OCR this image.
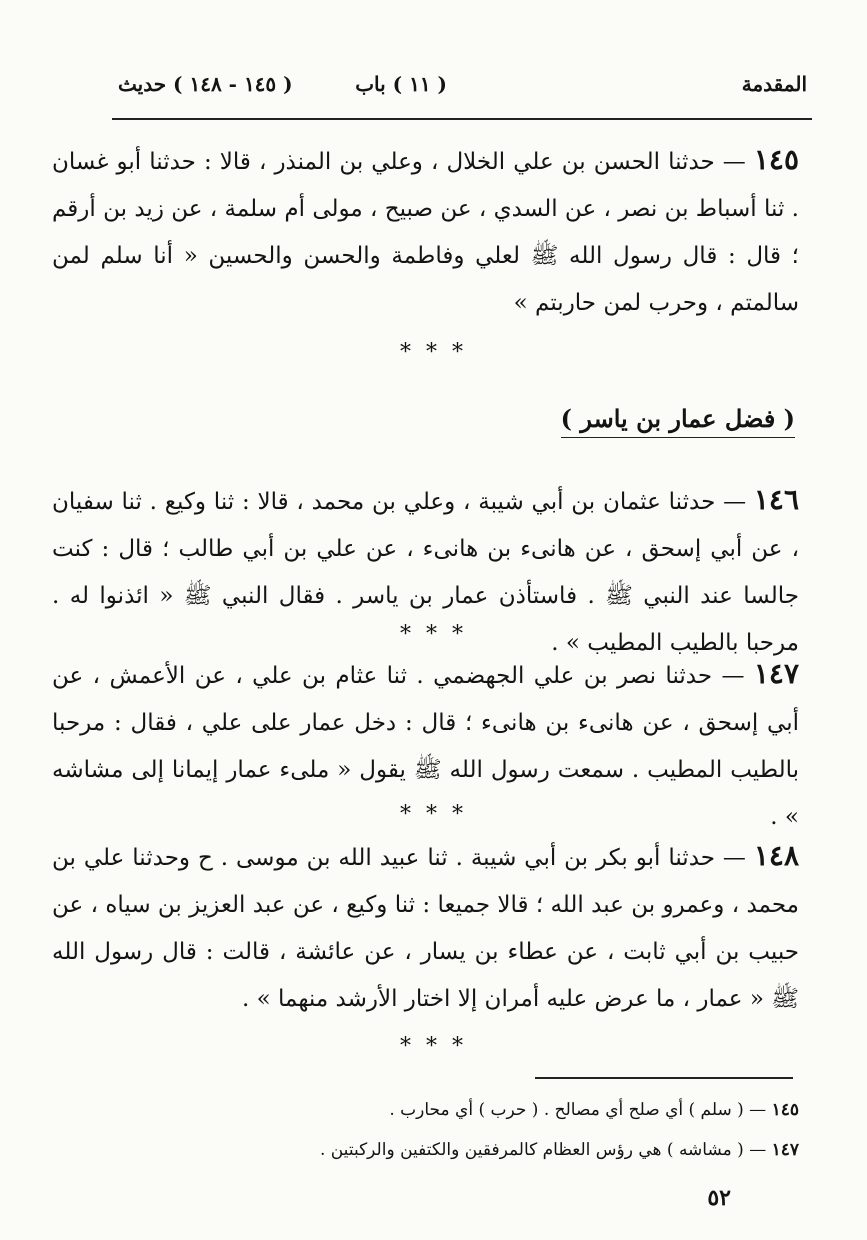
المقدمة
( ١١ ) باب
( ١٤٥ - ١٤٨ ) حديث
١٤٥ — حدثنا الحسن بن علي الخلال ، وعلي بن المنذر ، قالا : حدثنا أبو غسان . ثنا أسباط بن نصر ، عن السدي ، عن صبيح ، مولى أم سلمة ، عن زيد بن أرقم ؛ قال : قال رسول الله ﷺ لعلي وفاطمة والحسن والحسين « أنا سلم لمن سالمتم ، وحرب لمن حاربتم »
* * *
( فضل عمار بن ياسر )
١٤٦ — حدثنا عثمان بن أبي شيبة ، وعلي بن محمد ، قالا : ثنا وكيع . ثنا سفيان ، عن أبي إسحق ، عن هانىء بن هانىء ، عن علي بن أبي طالب ؛ قال : كنت جالسا عند النبي ﷺ . فاستأذن عمار بن ياسر . فقال النبي ﷺ « ائذنوا له . مرحبا بالطيب المطيب » .
* * *
١٤٧ — حدثنا نصر بن علي الجهضمي . ثنا عثام بن علي ، عن الأعمش ، عن أبي إسحق ، عن هانىء بن هانىء ؛ قال : دخل عمار على علي ، فقال : مرحبا بالطيب المطيب . سمعت رسول الله ﷺ يقول « ملىء عمار إيمانا إلى مشاشه » .
* * *
١٤٨ — حدثنا أبو بكر بن أبي شيبة . ثنا عبيد الله بن موسى . ح وحدثنا علي بن محمد ، وعمرو بن عبد الله ؛ قالا جميعا : ثنا وكيع ، عن عبد العزيز بن سياه ، عن حبيب بن أبي ثابت ، عن عطاء بن يسار ، عن عائشة ، قالت : قال رسول الله ﷺ « عمار ، ما عرض عليه أمران إلا اختار الأرشد منهما » .
* * *
١٤٥ — ( سلم ) أي صلح أي مصالح . ( حرب ) أي محارب .
١٤٧ — ( مشاشه ) هي رؤس العظام كالمرفقين والكتفين والركبتين .
٥٢
